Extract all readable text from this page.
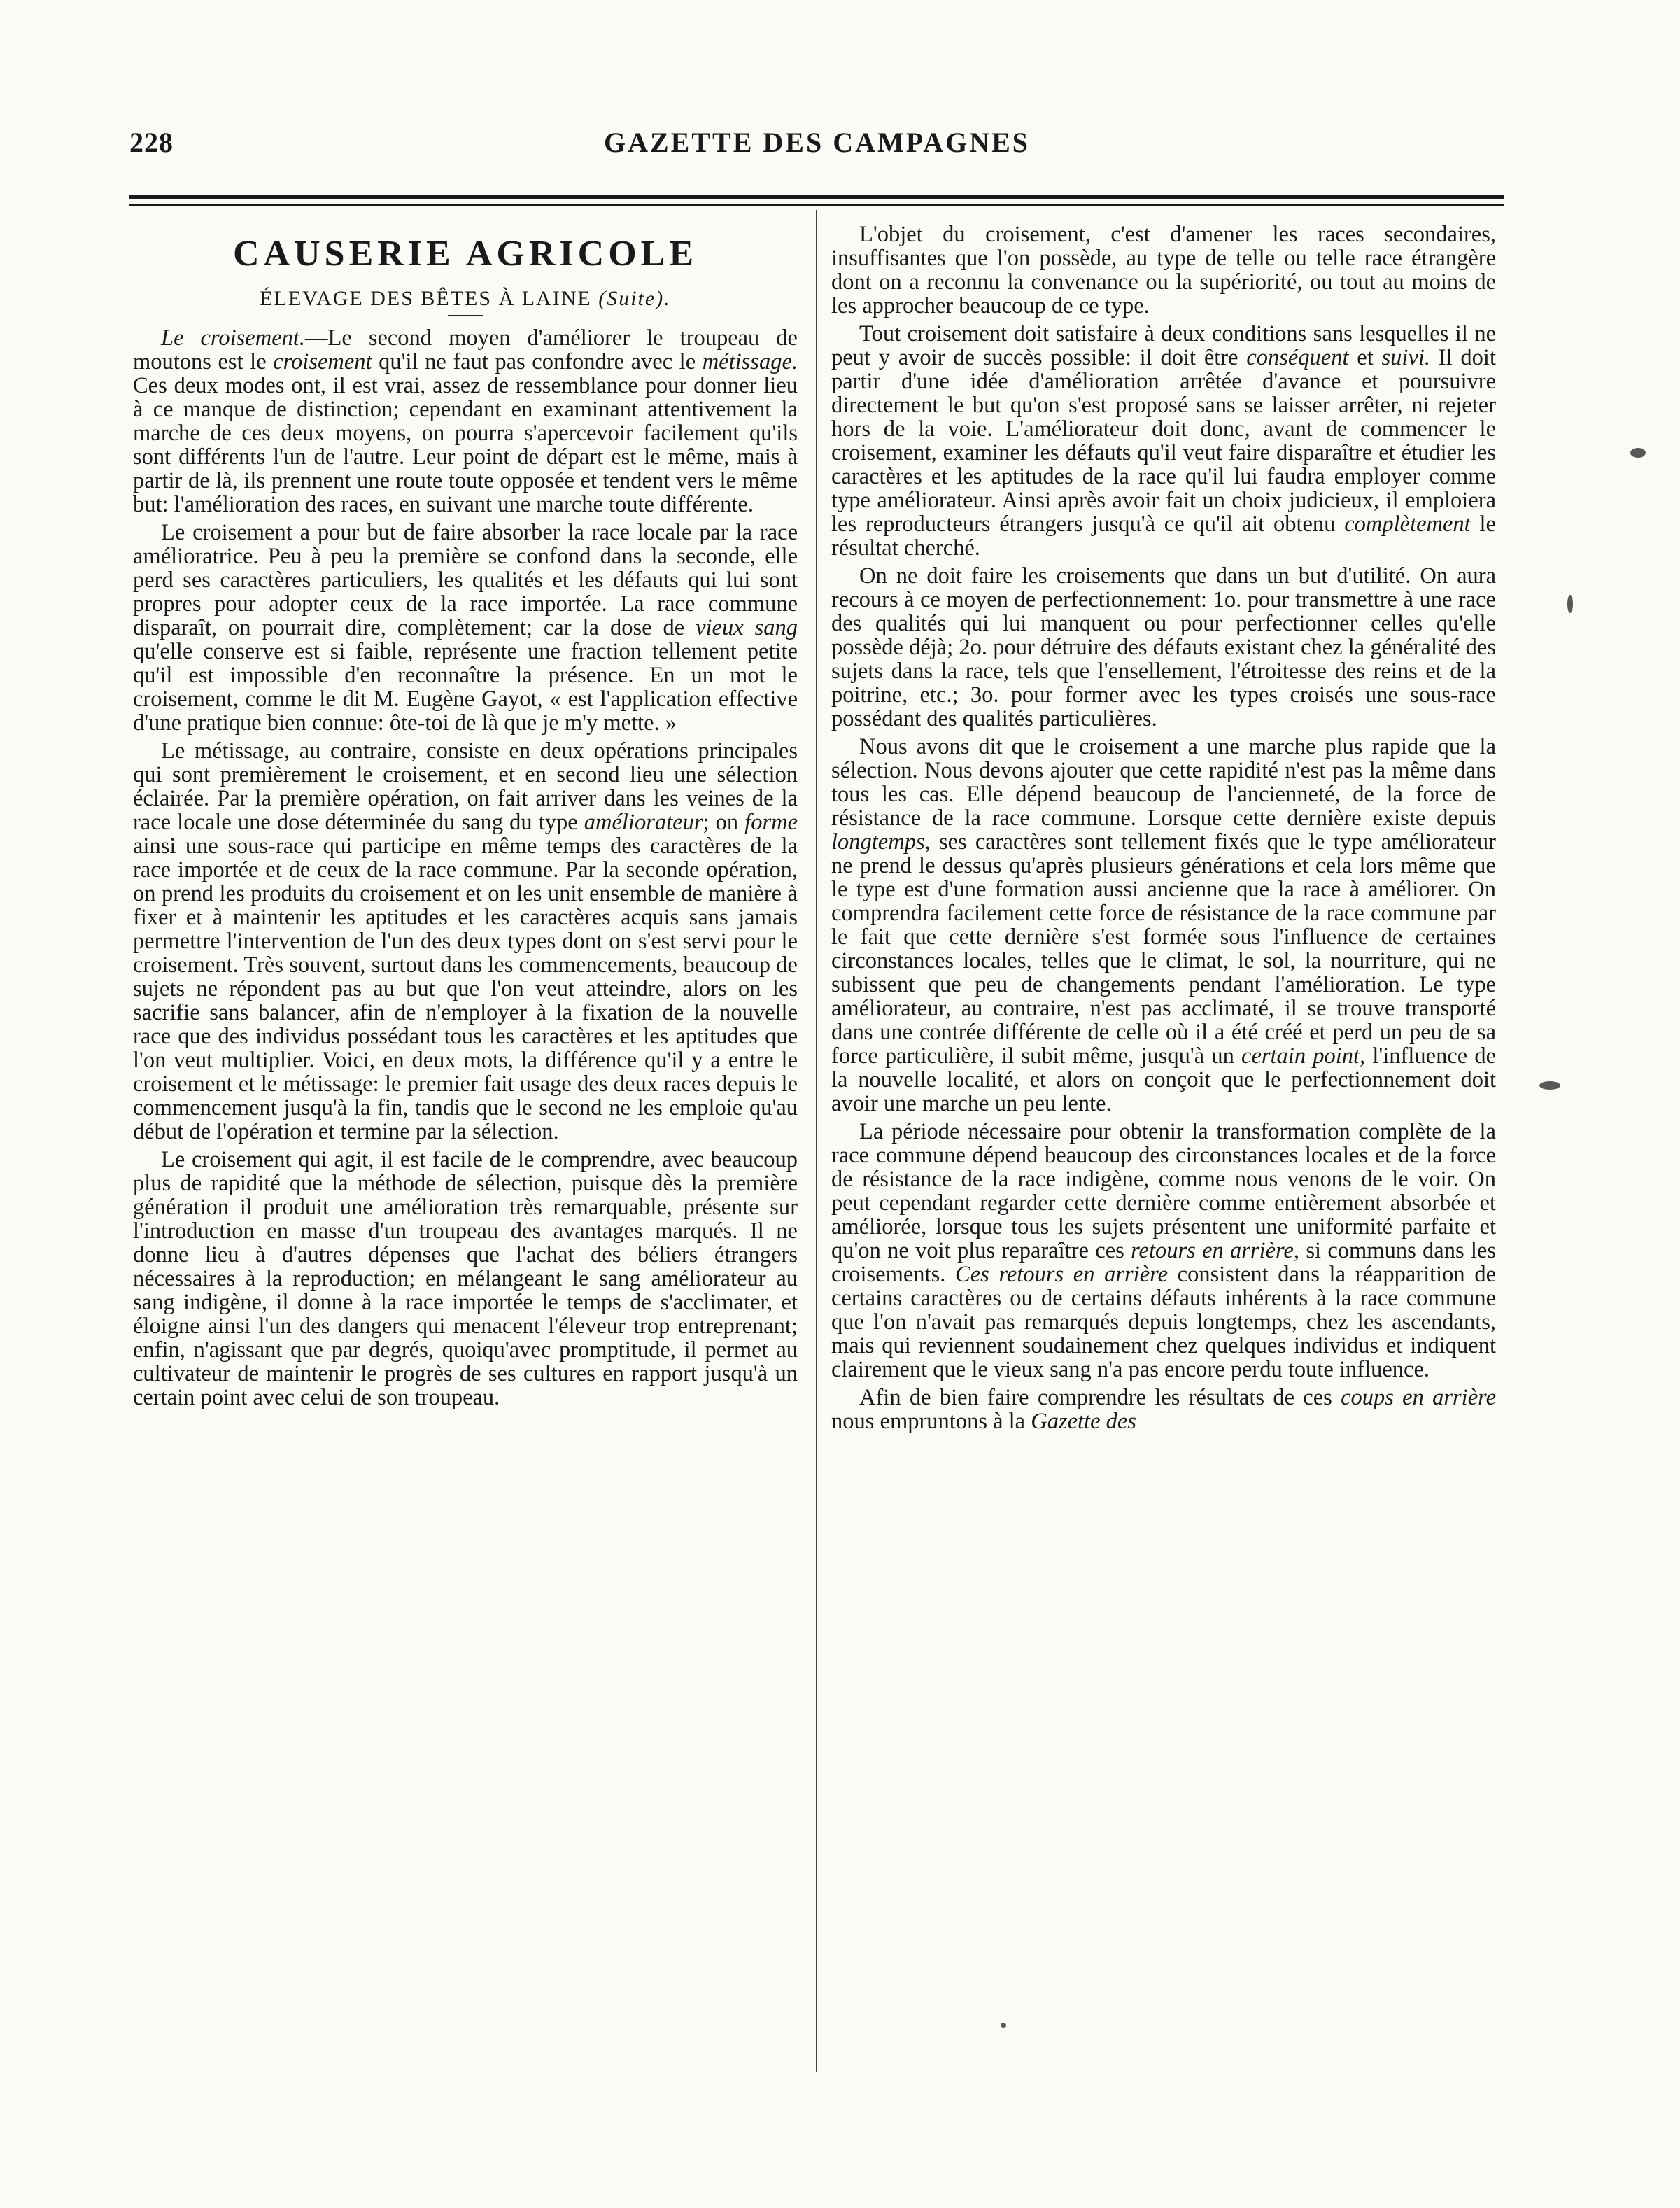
228	GAZETTE DES CAMPAGNES
CAUSERIE AGRICOLE
ÉLEVAGE DES BÊTES À LAINE (Suite).

Le croisement.—Le second moyen d'améliorer le troupeau de moutons est le croisement qu'il ne faut pas confondre avec le métissage. Ces deux modes ont, il est vrai, assez de ressemblance pour donner lieu à ce manque de distinction; cependant en examinant attentivement la marche de ces deux moyens, on pourra s'apercevoir facilement qu'ils sont différents l'un de l'autre. Leur point de départ est le même, mais à partir de là, ils prennent une route toute opposée et tendent vers le même but: l'amélioration des races, en suivant une marche toute différente.

Le croisement a pour but de faire absorber la race locale par la race amélioratrice. Peu à peu la première se confond dans la seconde, elle perd ses caractères particuliers, les qualités et les défauts qui lui sont propres pour adopter ceux de la race importée. La race commune disparaît, on pourrait dire, complètement; car la dose de vieux sang qu'elle conserve est si faible, représente une fraction tellement petite qu'il est impossible d'en reconnaître la présence. En un mot le croisement, comme le dit M. Eugène Gayot, « est l'application effective d'une pratique bien connue: ôte-toi de là que je m'y mette. »

Le métissage, au contraire, consiste en deux opérations principales qui sont premièrement le croisement, et en second lieu une sélection éclairée. Par la première opération, on fait arriver dans les veines de la race locale une dose déterminée du sang du type améliorateur; on forme ainsi une sous-race qui participe en même temps des caractères de la race importée et de ceux de la race commune. Par la seconde opération, on prend les produits du croisement et on les unit ensemble de manière à fixer et à maintenir les aptitudes et les caractères acquis sans jamais permettre l'intervention de l'un des deux types dont on s'est servi pour le croisement. Très souvent, surtout dans les commencements, beaucoup de sujets ne répondent pas au but que l'on veut atteindre, alors on les sacrifie sans balancer, afin de n'employer à la fixation de la nouvelle race que des individus possédant tous les caractères et les aptitudes que l'on veut multiplier. Voici, en deux mots, la différence qu'il y a entre le croisement et le métissage: le premier fait usage des deux races depuis le commencement jusqu'à la fin, tandis que le second ne les emploie qu'au début de l'opération et termine par la sélection.

Le croisement qui agit, il est facile de le comprendre, avec beaucoup plus de rapidité que la méthode de sélection, puisque dès la première génération il produit une amélioration très remarquable, présente sur l'introduction en masse d'un troupeau des avantages marqués. Il ne donne lieu à d'autres dépenses que l'achat des béliers étrangers nécessaires à la reproduction; en mélangeant le sang améliorateur au sang indigène, il donne à la race importée le temps de s'acclimater, et éloigne ainsi l'un des dangers qui menacent l'éleveur trop entreprenant; enfin, n'agissant que par degrés, quoiqu'avec promptitude, il permet au cultivateur de maintenir le progrès de ses cultures en rapport jusqu'à un certain point avec celui de son troupeau.

L'objet du croisement, c'est d'amener les races secondaires, insuffisantes que l'on possède, au type de telle ou telle race étrangère dont on a reconnu la convenance ou la supériorité, ou tout au moins de les approcher beaucoup de ce type.

Tout croisement doit satisfaire à deux conditions sans lesquelles il ne peut y avoir de succès possible: il doit être conséquent et suivi. Il doit partir d'une idée d'amélioration arrêtée d'avance et poursuivre directement le but qu'on s'est proposé sans se laisser arrêter, ni rejeter hors de la voie. L'améliorateur doit donc, avant de commencer le croisement, examiner les défauts qu'il veut faire disparaître et étudier les caractères et les aptitudes de la race qu'il lui faudra employer comme type améliorateur. Ainsi après avoir fait un choix judicieux, il emploiera les reproducteurs étrangers jusqu'à ce qu'il ait obtenu complètement le résultat cherché.

On ne doit faire les croisements que dans un but d'utilité. On aura recours à ce moyen de perfectionnement: 1o. pour transmettre à une race des qualités qui lui manquent ou pour perfectionner celles qu'elle possède déjà; 2o. pour détruire des défauts existant chez la généralité des sujets dans la race, tels que l'ensellement, l'étroitesse des reins et de la poitrine, etc.; 3o. pour former avec les types croisés une sous-race possédant des qualités particulières.

Nous avons dit que le croisement a une marche plus rapide que la sélection. Nous devons ajouter que cette rapidité n'est pas la même dans tous les cas. Elle dépend beaucoup de l'ancienneté, de la force de résistance de la race commune. Lorsque cette dernière existe depuis longtemps, ses caractères sont tellement fixés que le type améliorateur ne prend le dessus qu'après plusieurs générations et cela lors même que le type est d'une formation aussi ancienne que la race à améliorer. On comprendra facilement cette force de résistance de la race commune par le fait que cette dernière s'est formée sous l'influence de certaines circonstances locales, telles que le climat, le sol, la nourriture, qui ne subissent que peu de changements pendant l'amélioration. Le type améliorateur, au contraire, n'est pas acclimaté, il se trouve transporté dans une contrée différente de celle où il a été créé et perd un peu de sa force particulière, il subit même, jusqu'à un certain point, l'influence de la nouvelle localité, et alors on conçoit que le perfectionnement doit avoir une marche un peu lente.

La période nécessaire pour obtenir la transformation complète de la race commune dépend beaucoup des circonstances locales et de la force de résistance de la race indigène, comme nous venons de le voir. On peut cependant regarder cette dernière comme entièrement absorbée et améliorée, lorsque tous les sujets présentent une uniformité parfaite et qu'on ne voit plus reparaître ces retours en arrière, si communs dans les croisements. Ces retours en arrière consistent dans la réapparition de certains caractères ou de certains défauts inhérents à la race commune que l'on n'avait pas remarqués depuis longtemps, chez les ascendants, mais qui reviennent soudainement chez quelques individus et indiquent clairement que le vieux sang n'a pas encore perdu toute influence.

Afin de bien faire comprendre les résultats de ces coups en arrière nous empruntons à la Gazette des
